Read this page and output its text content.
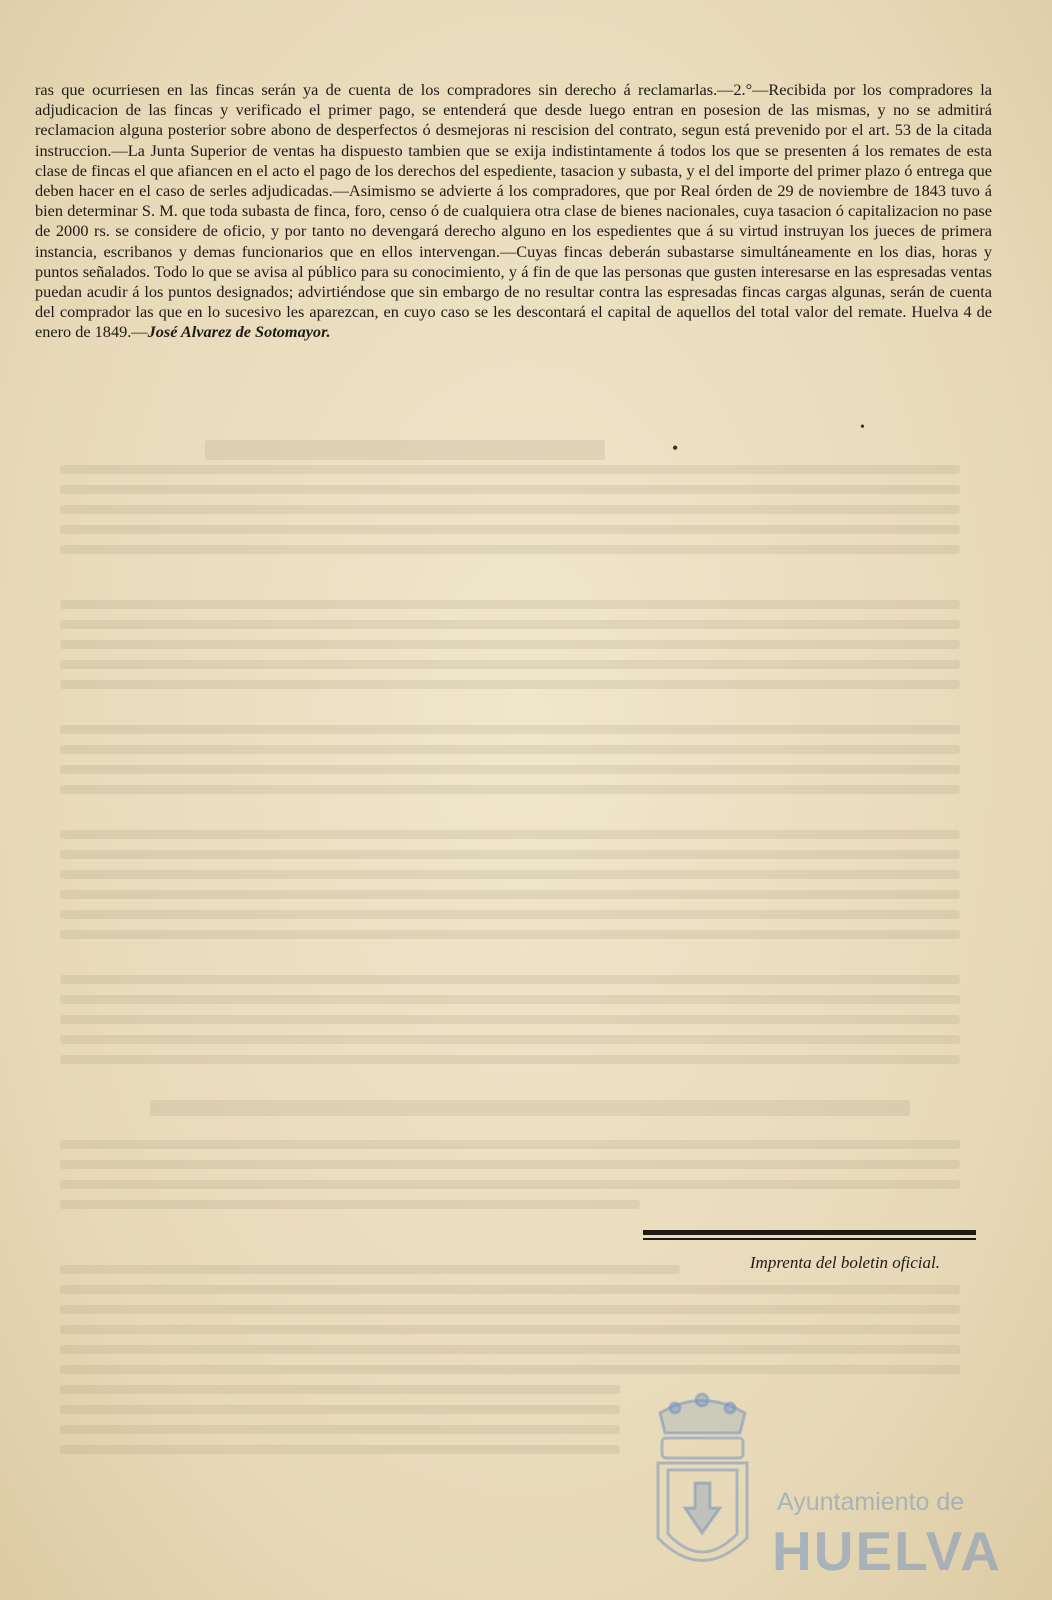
ras que ocurriesen en las fincas serán ya de cuenta de los compradores sin derecho á reclamarlas.—2.°—Recibida por los compradores la adjudicacion de las fincas y verificado el primer pago, se entenderá que desde luego entran en posesion de las mismas, y no se admitirá reclamacion alguna posterior sobre abono de desperfectos ó desmejoras ni rescision del contrato, segun está prevenido por el art. 53 de la citada instruccion.—La Junta Superior de ventas ha dispuesto tambien que se exija indistintamente á todos los que se presenten á los remates de esta clase de fincas el que afiancen en el acto el pago de los derechos del espediente, tasacion y subasta, y el del importe del primer plazo ó entrega que deben hacer en el caso de serles adjudicadas.—Asimismo se advierte á los compradores, que por Real órden de 29 de noviembre de 1843 tuvo á bien determinar S. M. que toda subasta de finca, foro, censo ó de cualquiera otra clase de bienes nacionales, cuya tasacion ó capitalizacion no pase de 2000 rs. se considere de oficio, y por tanto no devengará derecho alguno en los espedientes que á su virtud instruyan los jueces de primera instancia, escribanos y demas funcionarios que en ellos intervengan.—Cuyas fincas deberán subastarse simultáneamente en los dias, horas y puntos señalados. Todo lo que se avisa al público para su conocimiento, y á fin de que las personas que gusten interesarse en las espresadas ventas puedan acudir á los puntos designados; advirtiéndose que sin embargo de no resultar contra las espresadas fincas cargas algunas, serán de cuenta del comprador las que en lo sucesivo les aparezcan, en cuyo caso se les descontará el capital de aquellos del total valor del remate. Huelva 4 de enero de 1849.—José Alvarez de Sotomayor.
•
•
Imprenta del boletin oficial.
Ayuntamiento de
HUELVA
